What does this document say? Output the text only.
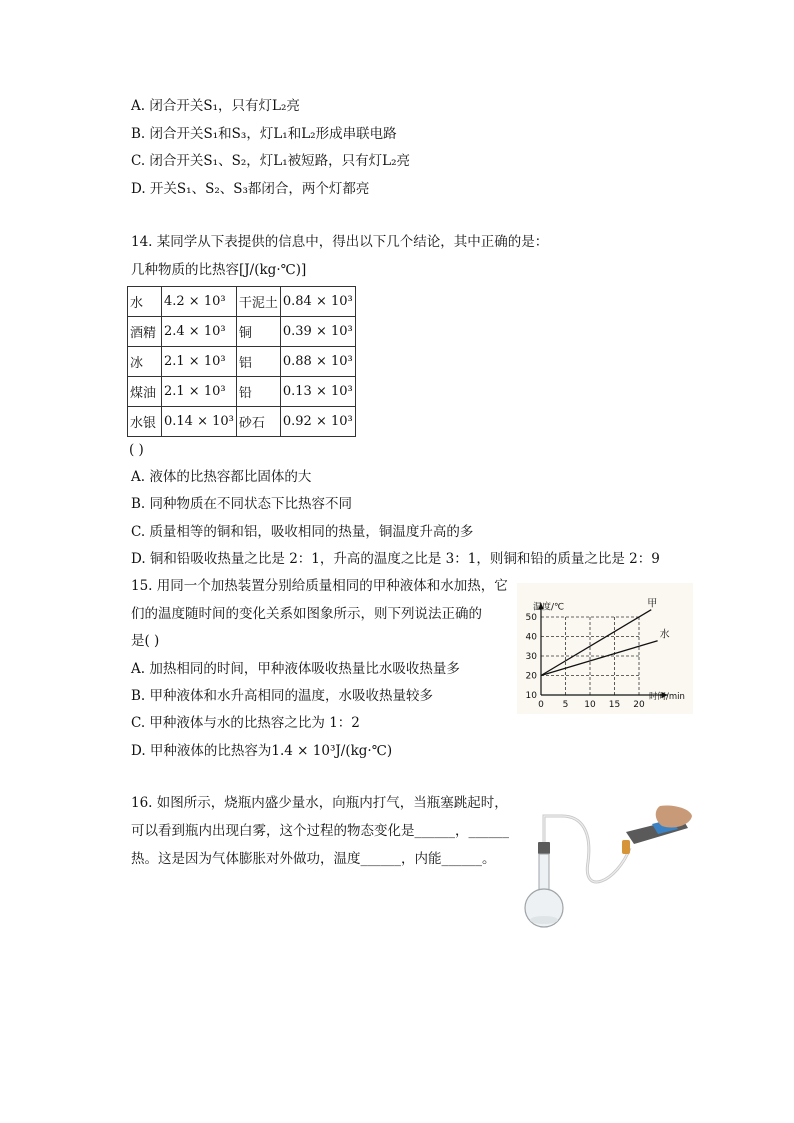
A. 闭合开关S₁，只有灯L₂亮
B. 闭合开关S₁和S₃，灯L₁和L₂形成串联电路
C. 闭合开关S₁、S₂，灯L₁被短路，只有灯L₂亮
D. 开关S₁、S₂、S₃都闭合，两个灯都亮
14. 某同学从下表提供的信息中，得出以下几个结论，其中正确的是：
几种物质的比热容[J/(kg·℃)]
水	4.2 × 10³	干泥土	0.84 × 10³
酒精	2.4 × 10³	铜	0.39 × 10³
冰	2.1 × 10³	铝	0.88 × 10³
煤油	2.1 × 10³	铅	0.13 × 10³
水银	0.14 × 10³	砂石	0.92 × 10³
( )
A. 液体的比热容都比固体的大
B. 同种物质在不同状态下比热容不同
C. 质量相等的铜和铝，吸收相同的热量，铜温度升高的多
D. 铜和铅吸收热量之比是 2：1，升高的温度之比是 3：1，则铜和铅的质量之比是 2：9
15. 用同一个加热装置分别给质量相同的甲种液体和水加热，它
们的温度随时间的变化关系如图象所示，则下列说法正确的
是( )
A. 加热相同的时间，甲种液体吸收热量比水吸收热量多
B. 甲种液体和水升高相同的温度，水吸收热量较多
C. 甲种液体与水的比热容之比为 1：2
D. 甲种液体的比热容为1.4 × 10³J/(kg·℃)
10
20
30
40
50
0 5 10 15 20
温度/℃
时间/min
甲
水
16. 如图所示，烧瓶内盛少量水，向瓶内打气，当瓶塞跳起时，
可以看到瓶内出现白雾，这个过程的物态变化是______，______
热。这是因为气体膨胀对外做功，温度______，内能______。
